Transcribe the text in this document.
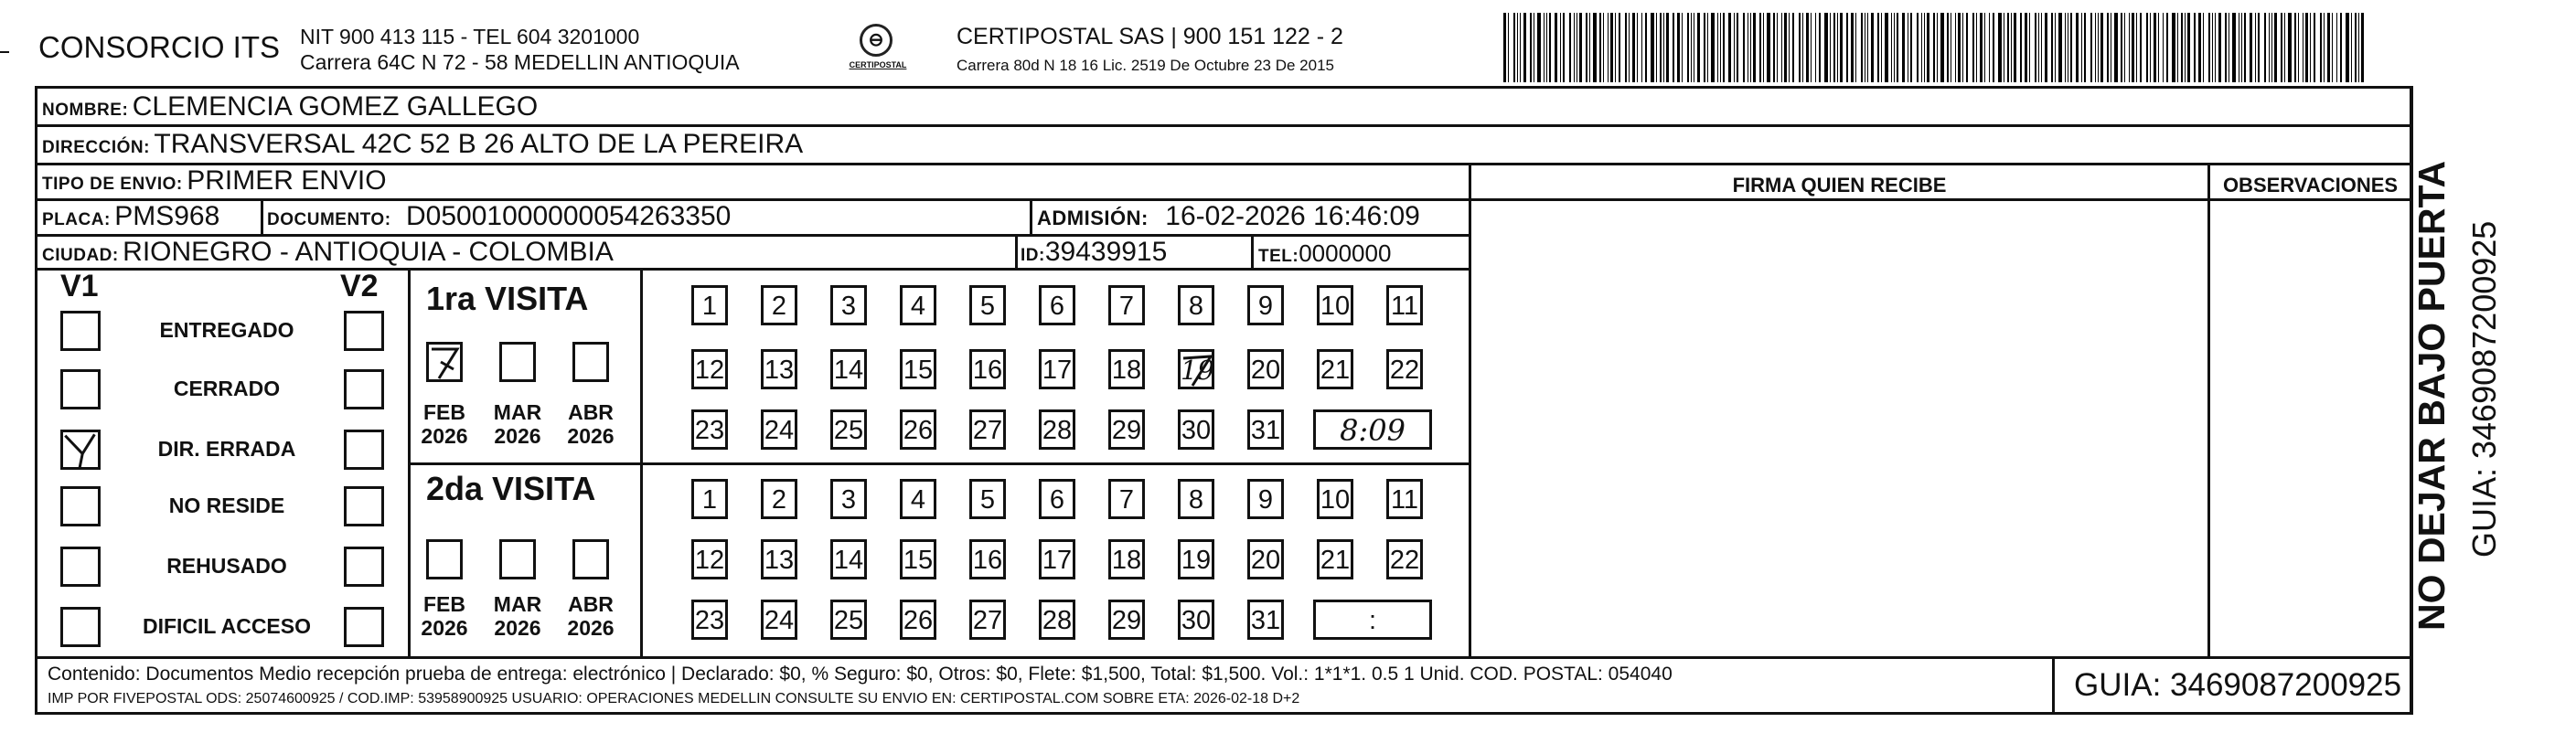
CONSORCIO ITS NIT 900 413 115 - TEL 604 3201000
Carrera 64C N 72 - 58 MEDELLIN ANTIOQUIA
⊖
CERTIPOSTAL
CERTIPOSTAL SAS | 900 151 122 - 2
Carrera 80d N 18 16 Lic. 2519 De Octubre 23 De 2015
NOMBRE: CLEMENCIA GOMEZ GALLEGO
DIRECCIÓN: TRANSVERSAL 42C 52 B 26 ALTO DE LA PEREIRA
TIPO DE ENVIO: PRIMER ENVIO	FIRMA QUIEN RECIBE	OBSERVACIONES
PLACA: PMS968	DOCUMENTO: D05001000000054263350	ADMISIÓN: 16-02-2026 16:46:09
CIUDAD: RIONEGRO - ANTIOQUIA - COLOMBIA	ID:39439915	TEL:0000000
V1	V2
ENTREGADO
CERRADO
DIR. ERRADA
NO RESIDE
REHUSADO
DIFICIL ACCESO
1ra VISITA
2da VISITA
FEB
2026
MAR
2026
ABR
2026
FEB
2026
MAR
2026
ABR
2026
1	2	3	4	5	6	7	8	9	10 11
12 13 14 15 16 17 18 19 20 21 22
23 24 25 26 27 28 29 30 31	8:09
1	2	3	4	5	6	7	8	9	10 11
12 13 14 15 16 17 18 19 20 21 22
23 24 25 26 27 28 29 30 31	:
Contenido: Documentos Medio recepción prueba de entrega: electrónico | Declarado: $0, % Seguro: $0, Otros: $0, Flete: $1,500, Total: $1,500. Vol.: 1*1*1. 0.5 1 Unid. COD. POSTAL: 054040
IMP POR FIVEPOSTAL ODS: 25074600925 / COD.IMP: 53958900925 USUARIO: OPERACIONES MEDELLIN CONSULTE SU ENVIO EN: CERTIPOSTAL.COM SOBRE ETA: 2026-02-18 D+2	GUIA: 3469087200925
NO DEJAR BAJO PUERTA GUIA: 3469087200925
